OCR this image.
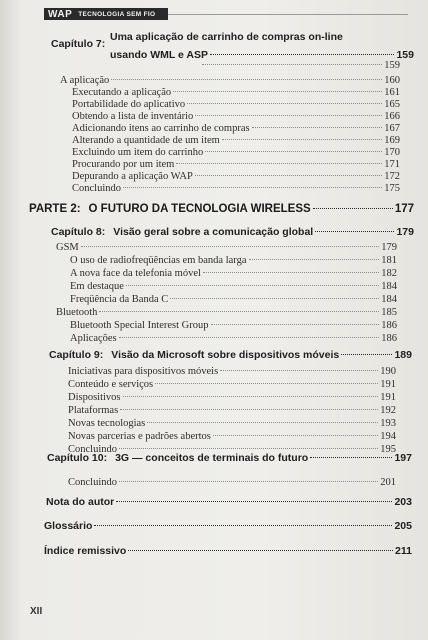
WAP TECNOLOGIA SEM FIO
Capítulo 7:
Uma aplicação de carrinho de compras on-line
usando WML e ASP	159
159
A aplicação	160
Executando a aplicação	161
Portabilidade do aplicativo	165
Obtendo a lista de inventário	166
Adicionando itens ao carrinho de compras	167
Alterando a quantidade de um item	169
Excluindo um item do carrinho	170
Procurando por um item	171
Depurando a aplicação WAP	172
Concluindo	175
PARTE 2: O FUTURO DA TECNOLOGIA WIRELESS	177
Capítulo 8: Visão geral sobre a comunicação global	179
GSM	179
O uso de radiofreqüências em banda larga	181
A nova face da telefonia móvel	182
Em destaque	184
Freqüência da Banda C	184
Bluetooth	185
Bluetooth Special Interest Group	186
Aplicações	186
Capítulo 9: Visão da Microsoft sobre dispositivos móveis	189
Iniciativas para dispositivos móveis	190
Conteúdo e serviços	191
Dispositivos	191
Plataformas	192
Novas tecnologias	193
Novas parcerias e padrões abertos	194
Concluindo	195
Capítulo 10: 3G — conceitos de terminais do futuro	197
Concluindo	201
Nota do autor	203
Glossário	205
Índice remissivo	211
XII
